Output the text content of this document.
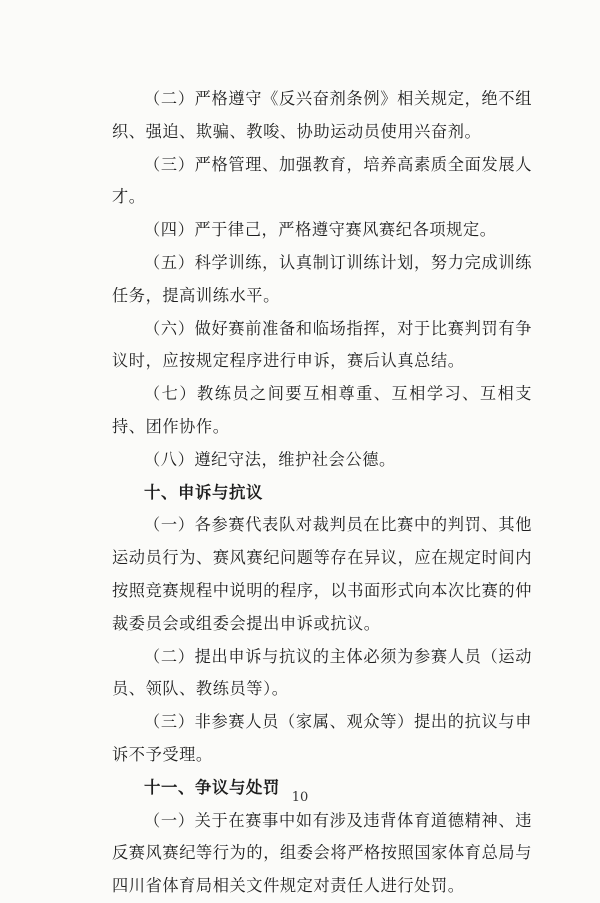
（二）严格遵守《反兴奋剂条例》相关规定，绝不组织、强迫、欺骗、教唆、协助运动员使用兴奋剂。

（三）严格管理、加强教育，培养高素质全面发展人才。

（四）严于律己，严格遵守赛风赛纪各项规定。

（五）科学训练，认真制订训练计划，努力完成训练任务，提高训练水平。

（六）做好赛前准备和临场指挥，对于比赛判罚有争议时，应按规定程序进行申诉，赛后认真总结。

（七）教练员之间要互相尊重、互相学习、互相支持、团作协作。

（八）遵纪守法，维护社会公德。

十、申诉与抗议

（一）各参赛代表队对裁判员在比赛中的判罚、其他运动员行为、赛风赛纪问题等存在异议，应在规定时间内按照竞赛规程中说明的程序，以书面形式向本次比赛的仲裁委员会或组委会提出申诉或抗议。

（二）提出申诉与抗议的主体必须为参赛人员（运动员、领队、教练员等）。

（三）非参赛人员（家属、观众等）提出的抗议与申诉不予受理。

十一、争议与处罚

（一）关于在赛事中如有涉及违背体育道德精神、违反赛风赛纪等行为的，组委会将严格按照国家体育总局与四川省体育局相关文件规定对责任人进行处罚。

10
